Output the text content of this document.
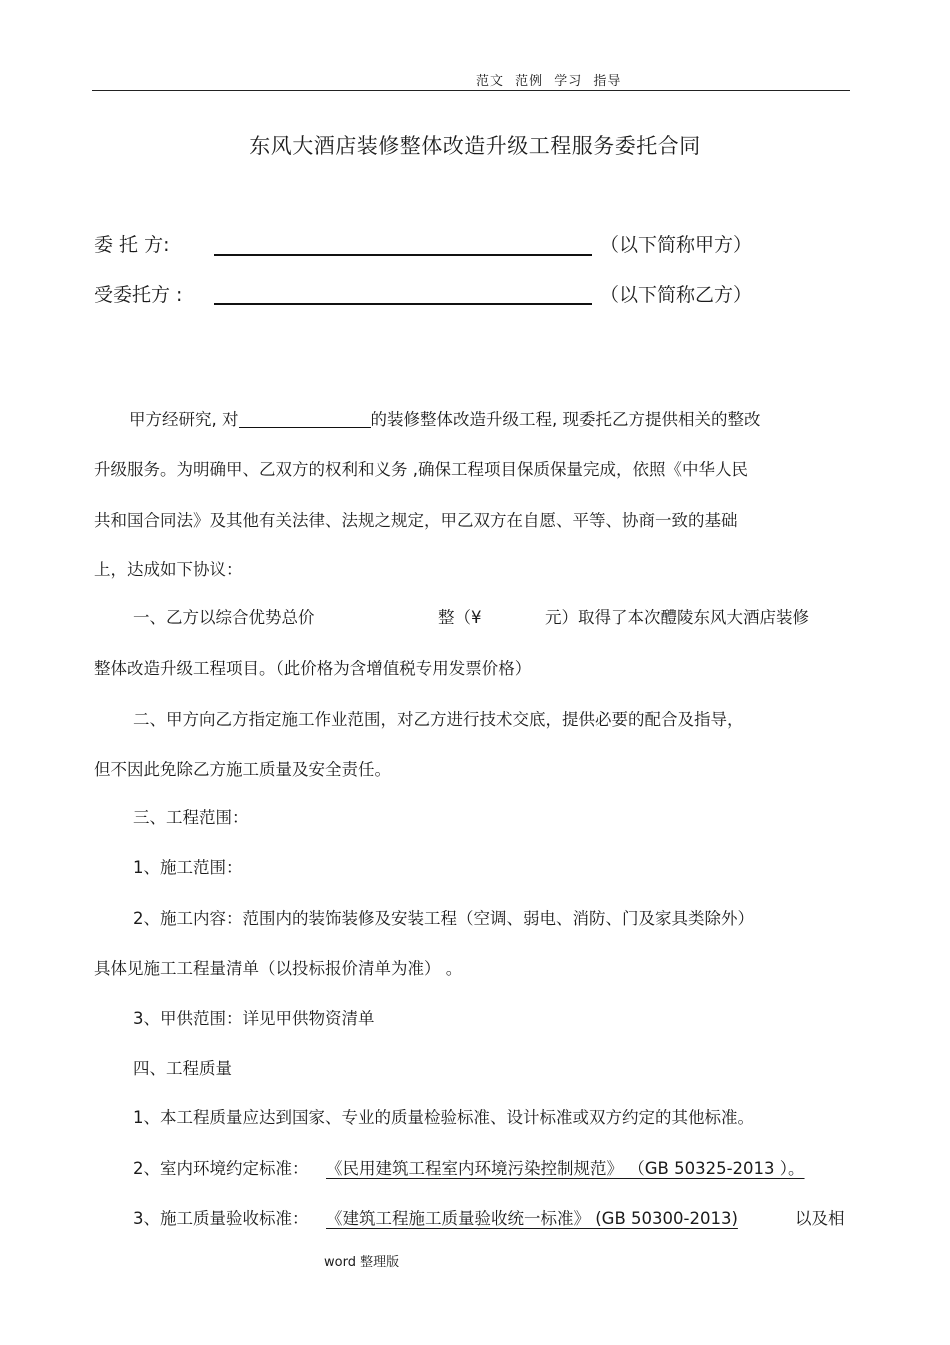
范文 范例 学习 指导
东风大酒店装修整体改造升级工程服务委托合同
委 托 方:	（以下简称甲方）
受委托方 :	（以下简称乙方）
甲方经研究, 对	的装修整体改造升级工程, 现委托乙方提供相关的整改
升级服务。为明确甲、乙双方的权利和义务 ,确保工程项目保质保量完成，依照《中华人民
共和国合同法》及其他有关法律、法规之规定，甲乙双方在自愿、平等、协商一致的基础
上，达成如下协议：
一、乙方以综合优势总价	整（¥	元）取得了本次醴陵东风大酒店装修
整体改造升级工程项目。（此价格为含增值税专用发票价格）
二、甲方向乙方指定施工作业范围，对乙方进行技术交底，提供必要的配合及指导，
但不因此免除乙方施工质量及安全责任。
三、工程范围：
1、施工范围：
2、施工内容：范围内的装饰装修及安装工程（空调、弱电、消防、门及家具类除外）
具体见施工工程量清单（以投标报价清单为准） 。
3、甲供范围：详见甲供物资清单
四、工程质量
1、本工程质量应达到国家、专业的质量检验标准、设计标准或双方约定的其他标准。
2、室内环境约定标准： 《民用建筑工程室内环境污染控制规范》 （GB 50325-2013 ）。
3、施工质量验收标准： 《建筑工程施工质量验收统一标准》 (GB 50300-2013)	以及相
word 整理版
